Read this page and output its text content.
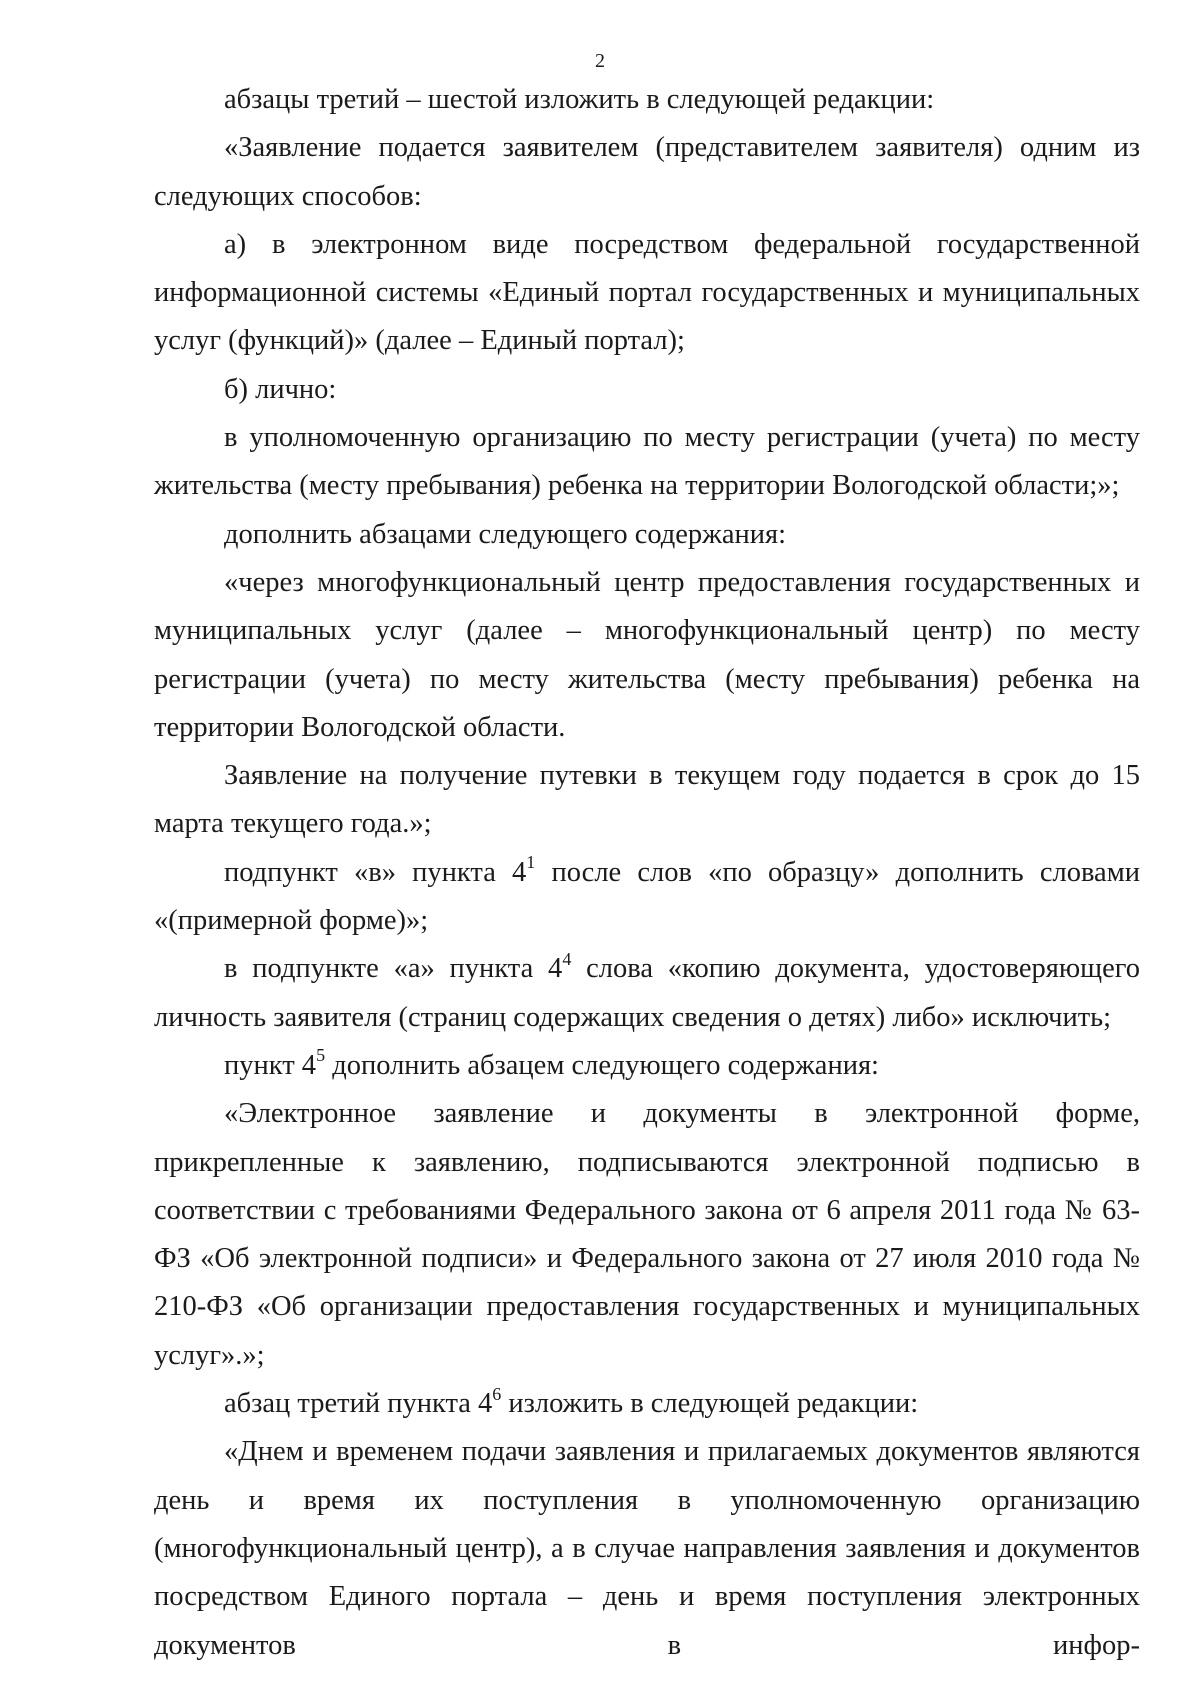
2

абзацы третий – шестой изложить в следующей редакции:

«Заявление подается заявителем (представителем заявителя) одним из следующих способов:

а) в электронном виде посредством федеральной государственной информационной системы «Единый портал государственных и муниципальных услуг (функций)» (далее – Единый портал);

б) лично:

в уполномоченную организацию по месту регистрации (учета) по месту жительства (месту пребывания) ребенка на территории Вологодской области;»;

дополнить абзацами следующего содержания:

«через многофункциональный центр предоставления государственных и муниципальных услуг (далее – многофункциональный центр) по месту регистрации (учета) по месту жительства (месту пребывания) ребенка на территории Вологодской области.

Заявление на получение путевки в текущем году подается в срок до 15 марта текущего года.»;

подпункт «в» пункта $4^1$ после слов «по образцу» дополнить словами «(примерной форме)»;

в подпункте «а» пункта $4^4$ слова «копию документа, удостоверяющего личность заявителя (страниц содержащих сведения о детях) либо» исключить;

пункт $4^5$ дополнить абзацем следующего содержания:

«Электронное заявление и документы в электронной форме, прикрепленные к заявлению, подписываются электронной подписью в соответствии с требованиями Федерального закона от 6 апреля 2011 года № 63-ФЗ «Об электронной подписи» и Федерального закона от 27 июля 2010 года № 210-ФЗ «Об организации предоставления государственных и муниципальных услуг».»;

абзац третий пункта $4^6$ изложить в следующей редакции:

«Днем и временем подачи заявления и прилагаемых документов являются день и время их поступления в уполномоченную организацию (многофункциональный центр), а в случае направления заявления и документов посредством Единого портала – день и время поступления электронных документов в инфор-
